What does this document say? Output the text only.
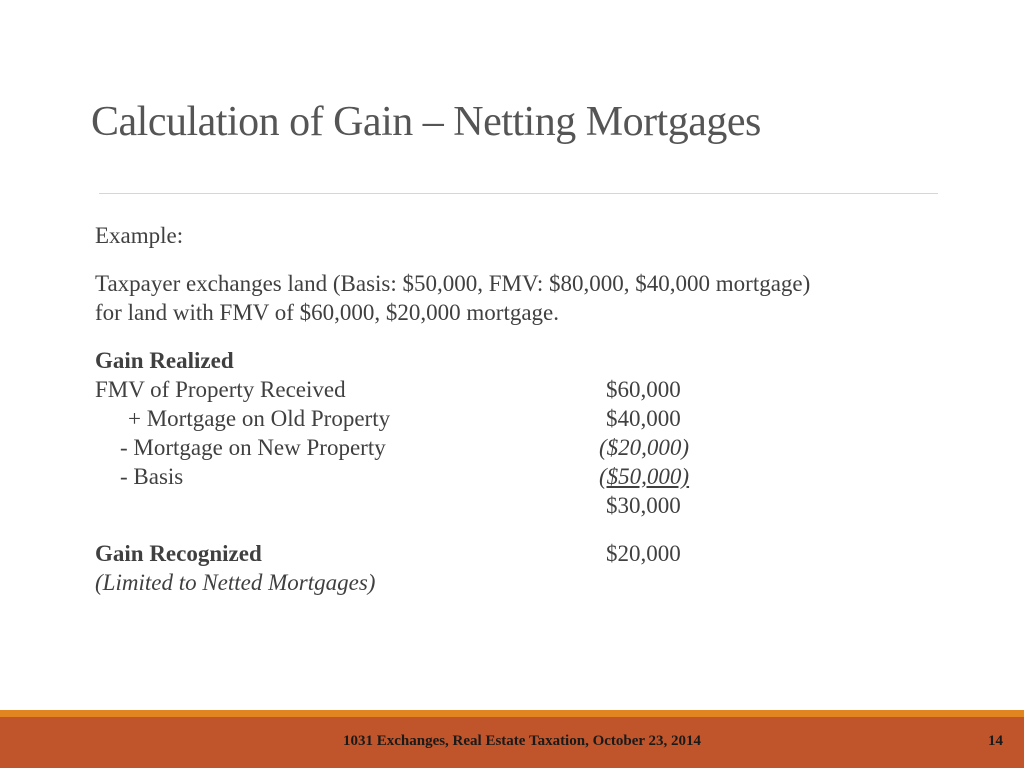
Calculation of Gain – Netting Mortgages

Example:

Taxpayer exchanges land (Basis: $50,000, FMV: $80,000, $40,000 mortgage)
for land with FMV of $60,000, $20,000 mortgage.
Gain Realized
FMV of Property Received	$60,000
+ Mortgage on Old Property	$40,000
- Mortgage on New Property	($20,000)
- Basis	($50,000)
$30,000
Gain Recognized	$20,000
(Limited to Netted Mortgages)
1031 Exchanges, Real Estate Taxation, October 23, 2014	14
